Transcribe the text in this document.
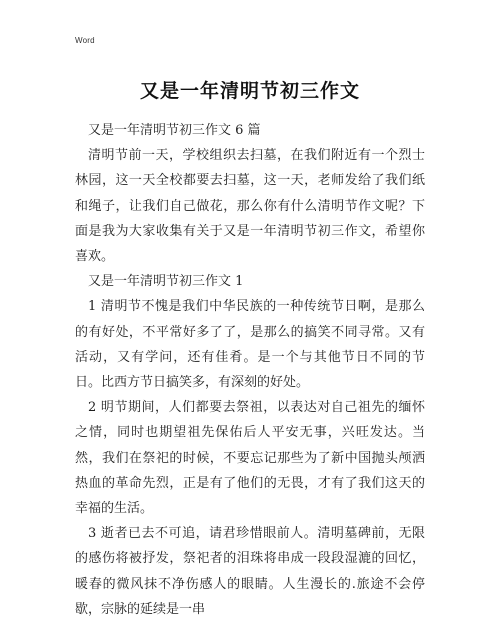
Word
又是一年清明节初三作文

又是一年清明节初三作文 6 篇

清明节前一天，学校组织去扫墓，在我们附近有一个烈士林园，这一天全校都要去扫墓，这一天，老师发给了我们纸和绳子，让我们自己做花，那么你有什么清明节作文呢？下面是我为大家收集有关于又是一年清明节初三作文，希望你喜欢。

又是一年清明节初三作文 1

1 清明节不愧是我们中华民族的一种传统节日啊，是那么的有好处，不平常好多了了，是那么的搞笑不同寻常。又有活动，又有学问，还有佳肴。是一个与其他节日不同的节日。比西方节日搞笑多，有深刻的好处。

2 明节期间，人们都要去祭祖，以表达对自己祖先的缅怀之情，同时也期望祖先保佑后人平安无事，兴旺发达。当然，我们在祭祀的时候，不要忘记那些为了新中国抛头颅洒热血的革命先烈，正是有了他们的无畏，才有了我们这天的幸福的生活。

3 逝者已去不可追，请君珍惜眼前人。清明墓碑前，无限的感伤将被抒发，祭祀者的泪珠将串成一段段湿漉的回忆，暖春的微风抹不净伤感人的眼睛。人生漫长的.旅途不会停歇，宗脉的延续是一串
